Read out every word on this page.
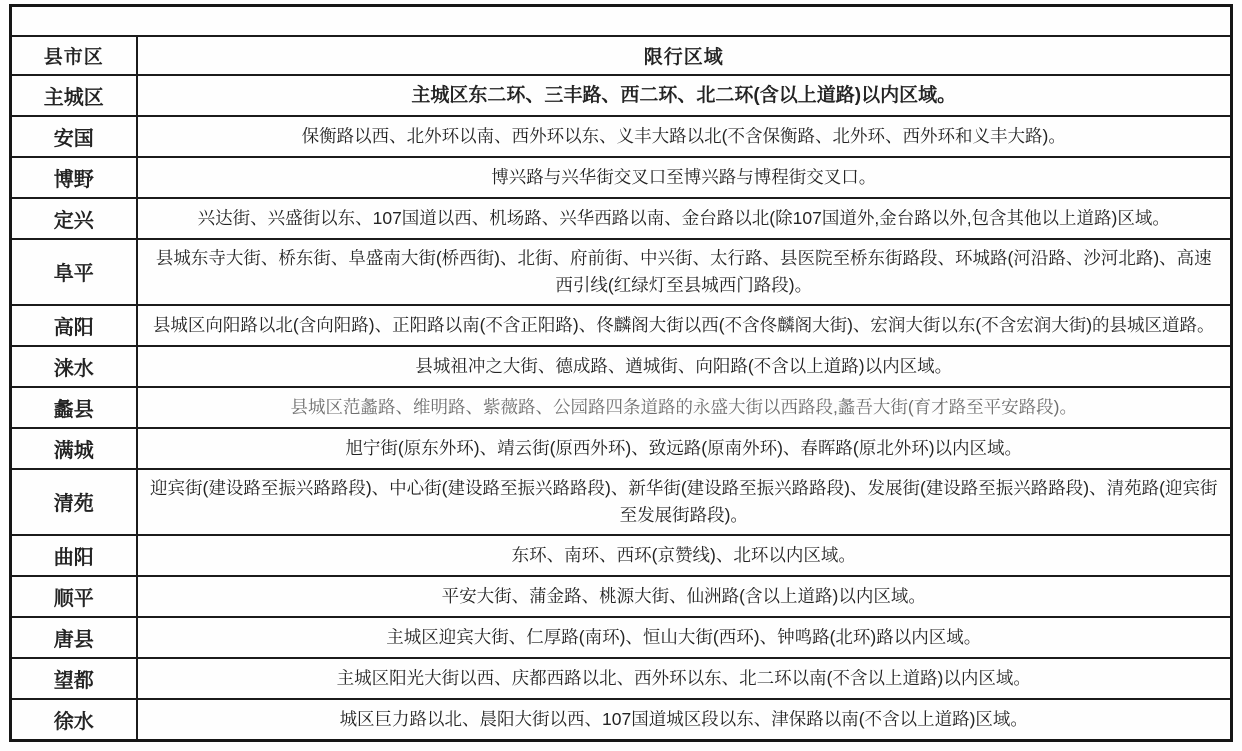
县市区	限行区域
主城区	主城区东二环、三丰路、西二环、北二环(含以上道路)以内区域。
安国	保衡路以西、北外环以南、西外环以东、义丰大路以北(不含保衡路、北外环、西外环和义丰大路)。
博野	博兴路与兴华街交叉口至博兴路与博程街交叉口。
定兴	兴达街、兴盛街以东、107国道以西、机场路、兴华西路以南、金台路以北(除107国道外,金台路以外,包含其他以上道路)区域。
阜平	县城东寺大街、桥东街、阜盛南大街(桥西街)、北街、府前街、中兴街、太行路、县医院至桥东街路段、环城路(河沿路、沙河北路)、高速西引线(红绿灯至县城西门路段)。
高阳	县城区向阳路以北(含向阳路)、正阳路以南(不含正阳路)、佟麟阁大街以西(不含佟麟阁大街)、宏润大街以东(不含宏润大街)的县城区道路。
涞水	县城祖冲之大街、德成路、遒城街、向阳路(不含以上道路)以内区域。
蠡县	县城区范蠡路、维明路、紫薇路、公园路四条道路的永盛大街以西路段,蠡吾大街(育才路至平安路段)。
满城	旭宁街(原东外环)、靖云街(原西外环)、致远路(原南外环)、春晖路(原北外环)以内区域。
清苑	迎宾街(建设路至振兴路路段)、中心街(建设路至振兴路路段)、新华街(建设路至振兴路路段)、发展街(建设路至振兴路路段)、清苑路(迎宾街至发展街路段)。
曲阳	东环、南环、西环(京赞线)、北环以内区域。
顺平	平安大街、蒲金路、桃源大街、仙洲路(含以上道路)以内区域。
唐县	主城区迎宾大街、仁厚路(南环)、恒山大街(西环)、钟鸣路(北环)路以内区域。
望都	主城区阳光大街以西、庆都西路以北、西外环以东、北二环以南(不含以上道路)以内区域。
徐水	城区巨力路以北、晨阳大街以西、107国道城区段以东、津保路以南(不含以上道路)区域。
